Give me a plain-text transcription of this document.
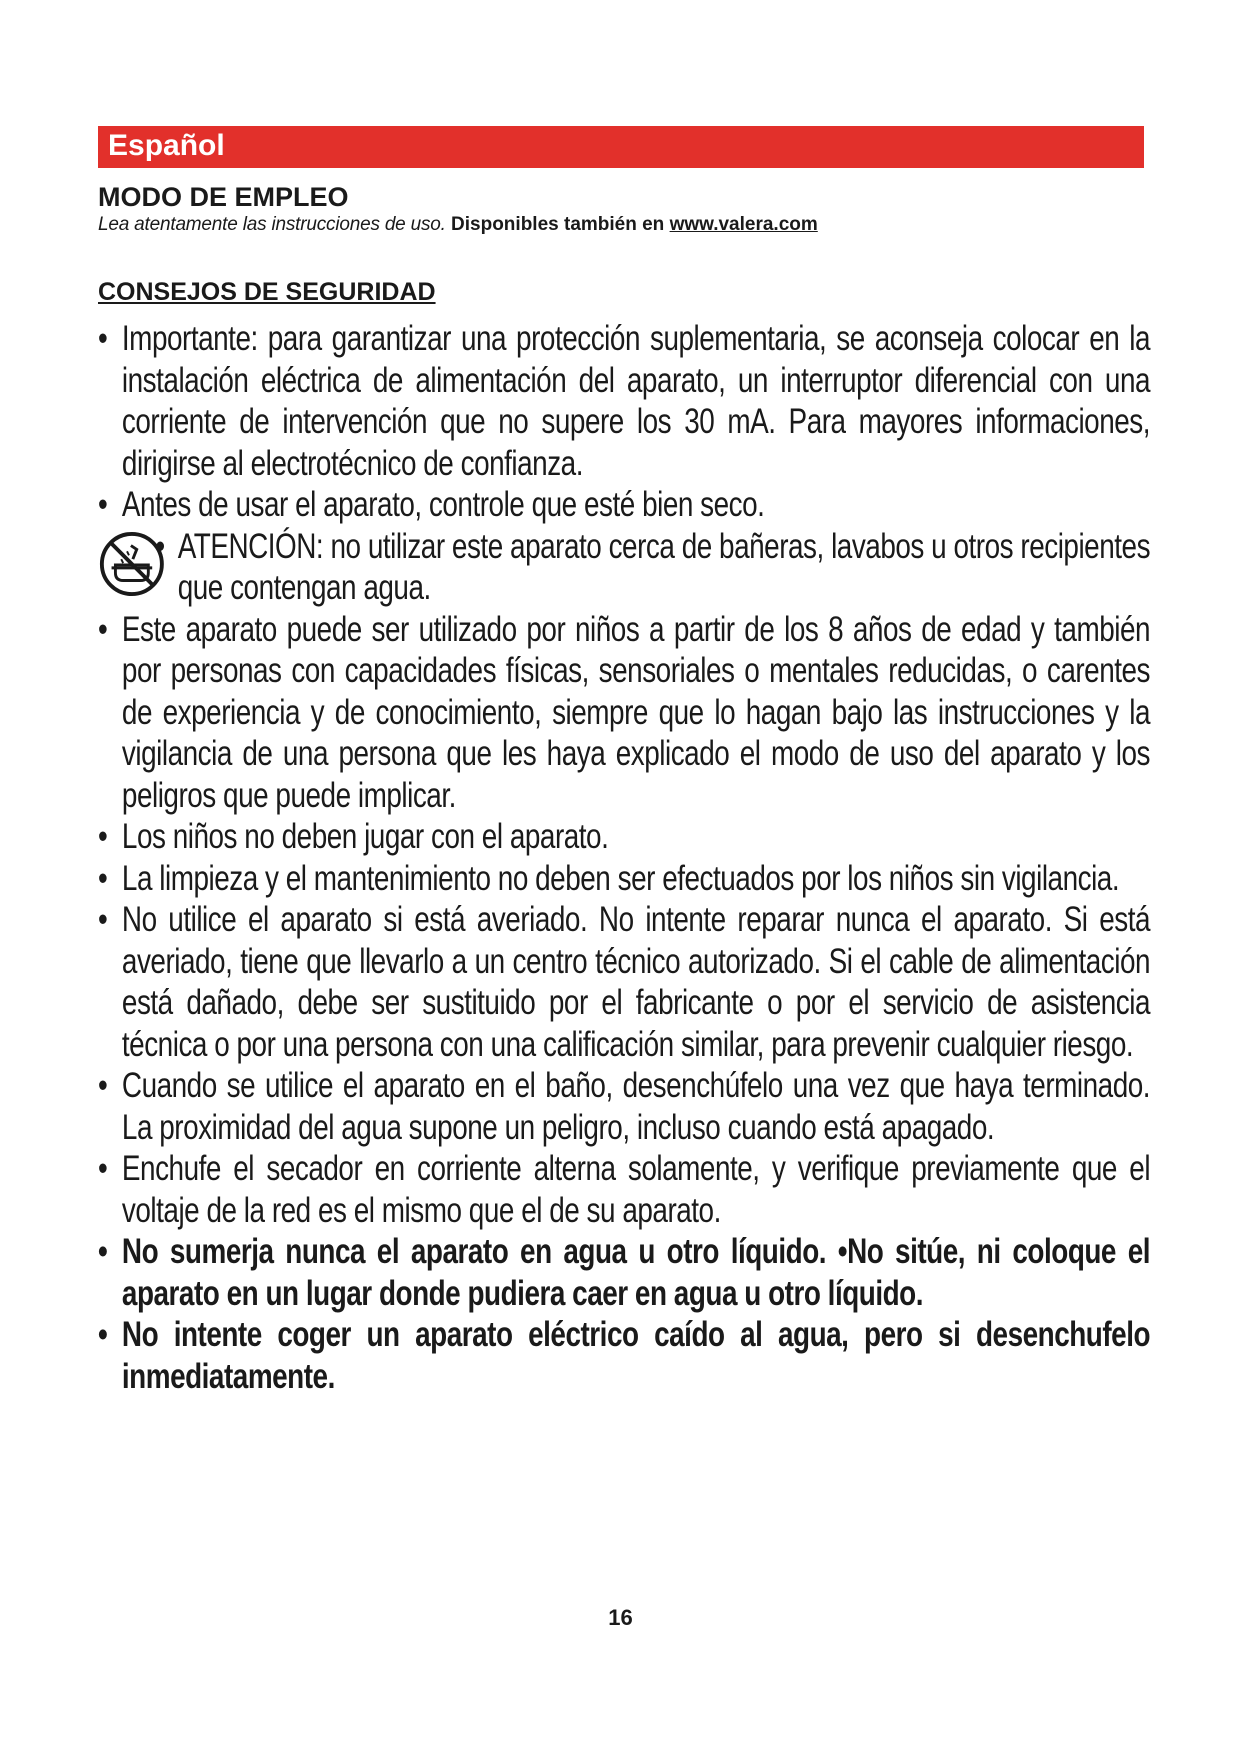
Español
MODO DE EMPLEO
Lea atentamente las instrucciones de uso. Disponibles también en www.valera.com
CONSEJOS DE SEGURIDAD

• Importante: para garantizar una protección suplementaria, se aconseja colocar en la instalación eléctrica de alimentación del aparato, un interruptor diferencial con una corriente de intervención que no supere los 30 mA. Para mayores informaciones, dirigirse al electrotécnico de confianza.

• Antes de usar el aparato, controle que esté bien seco.

• ATENCIÓN: no utilizar este aparato cerca de bañeras, lavabos u otros recipientes que contengan agua.

• Este aparato puede ser utilizado por niños a partir de los 8 años de edad y también por personas con capacidades físicas, sensoriales o mentales reducidas, o carentes de experiencia y de conocimiento, siempre que lo hagan bajo las instrucciones y la vigilancia de una persona que les haya explicado el modo de uso del aparato y los peligros que puede implicar.

• Los niños no deben jugar con el aparato.

• La limpieza y el mantenimiento no deben ser efectuados por los niños sin vigilancia.

• No utilice el aparato si está averiado. No intente reparar nunca el aparato. Si está averiado, tiene que llevarlo a un centro técnico autorizado. Si el cable de alimentación está dañado, debe ser sustituido por el fabricante o por el servicio de asistencia técnica o por una persona con una calificación similar, para prevenir cualquier riesgo.

• Cuando se utilice el aparato en el baño, desenchúfelo una vez que haya terminado. La proximidad del agua supone un peligro, incluso cuando está apagado.

• Enchufe el secador en corriente alterna solamente, y verifique previamente que el voltaje de la red es el mismo que el de su aparato.

• No sumerja nunca el aparato en agua u otro líquido. •No sitúe, ni coloque el aparato en un lugar donde pudiera caer en agua u otro líquido.

• No intente coger un aparato eléctrico caído al agua, pero si desenchufelo inmediatamente.

16
